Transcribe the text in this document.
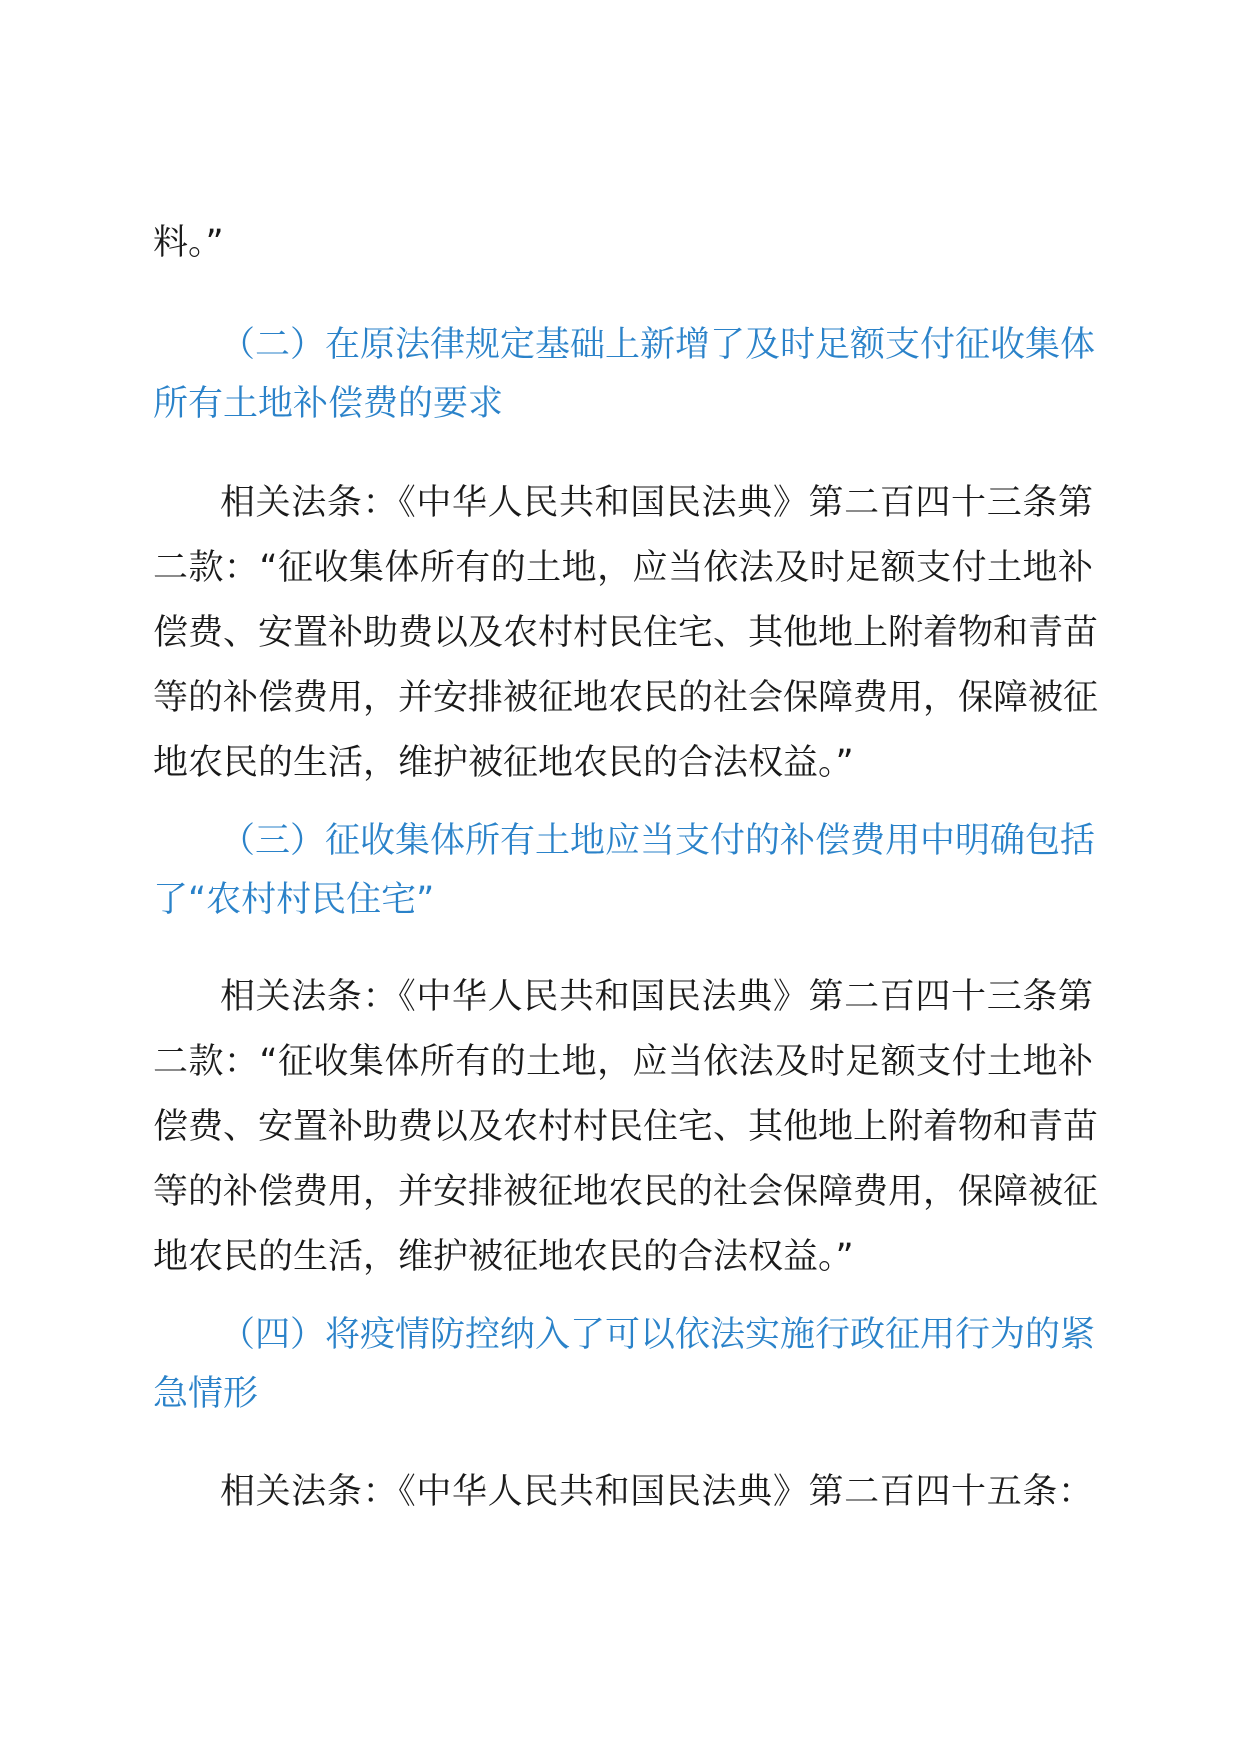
料。”
（二）在原法律规定基础上新增了及时足额支付征收集体
所有土地补偿费的要求
相关法条：《中华人民共和国民法典》第二百四十三条第
二款：“征收集体所有的土地，应当依法及时足额支付土地补
偿费、安置补助费以及农村村民住宅、其他地上附着物和青苗
等的补偿费用，并安排被征地农民的社会保障费用，保障被征
地农民的生活，维护被征地农民的合法权益。”
（三）征收集体所有土地应当支付的补偿费用中明确包括
了“农村村民住宅”
相关法条：《中华人民共和国民法典》第二百四十三条第
二款：“征收集体所有的土地，应当依法及时足额支付土地补
偿费、安置补助费以及农村村民住宅、其他地上附着物和青苗
等的补偿费用，并安排被征地农民的社会保障费用，保障被征
地农民的生活，维护被征地农民的合法权益。”
（四）将疫情防控纳入了可以依法实施行政征用行为的紧
急情形
相关法条：《中华人民共和国民法典》第二百四十五条：
